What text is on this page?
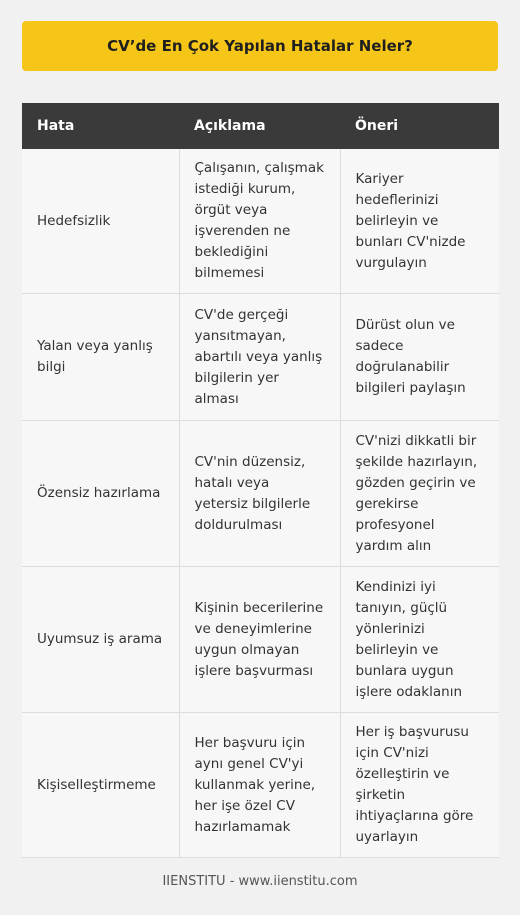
CV’de En Çok Yapılan Hatalar Neler?
Hata	Açıklama	Öneri
Hedefsizlik	Çalışanın, çalışmak istediği kurum, örgüt veya işverenden ne beklediğini bilmemesi	Kariyer hedeflerinizi belirleyin ve bunları CV'nizde vurgulayın
Yalan veya yanlış bilgi	CV'de gerçeği yansıtmayan, abartılı veya yanlış bilgilerin yer alması	Dürüst olun ve sadece doğrulanabilir bilgileri paylaşın
Özensiz hazırlama	CV'nin düzensiz, hatalı veya yetersiz bilgilerle doldurulması	CV'nizi dikkatli bir şekilde hazırlayın, gözden geçirin ve gerekirse profesyonel yardım alın
Uyumsuz iş arama	Kişinin becerilerine ve deneyimlerine uygun olmayan işlere başvurması	Kendinizi iyi tanıyın, güçlü yönlerinizi belirleyin ve bunlara uygun işlere odaklanın
Kişiselleştirmeme	Her başvuru için aynı genel CV'yi kullanmak yerine, her işe özel CV hazırlamamak	Her iş başvurusu için CV'nizi özelleştirin ve şirketin ihtiyaçlarına göre uyarlayın
IIENSTITU - www.iienstitu.com
